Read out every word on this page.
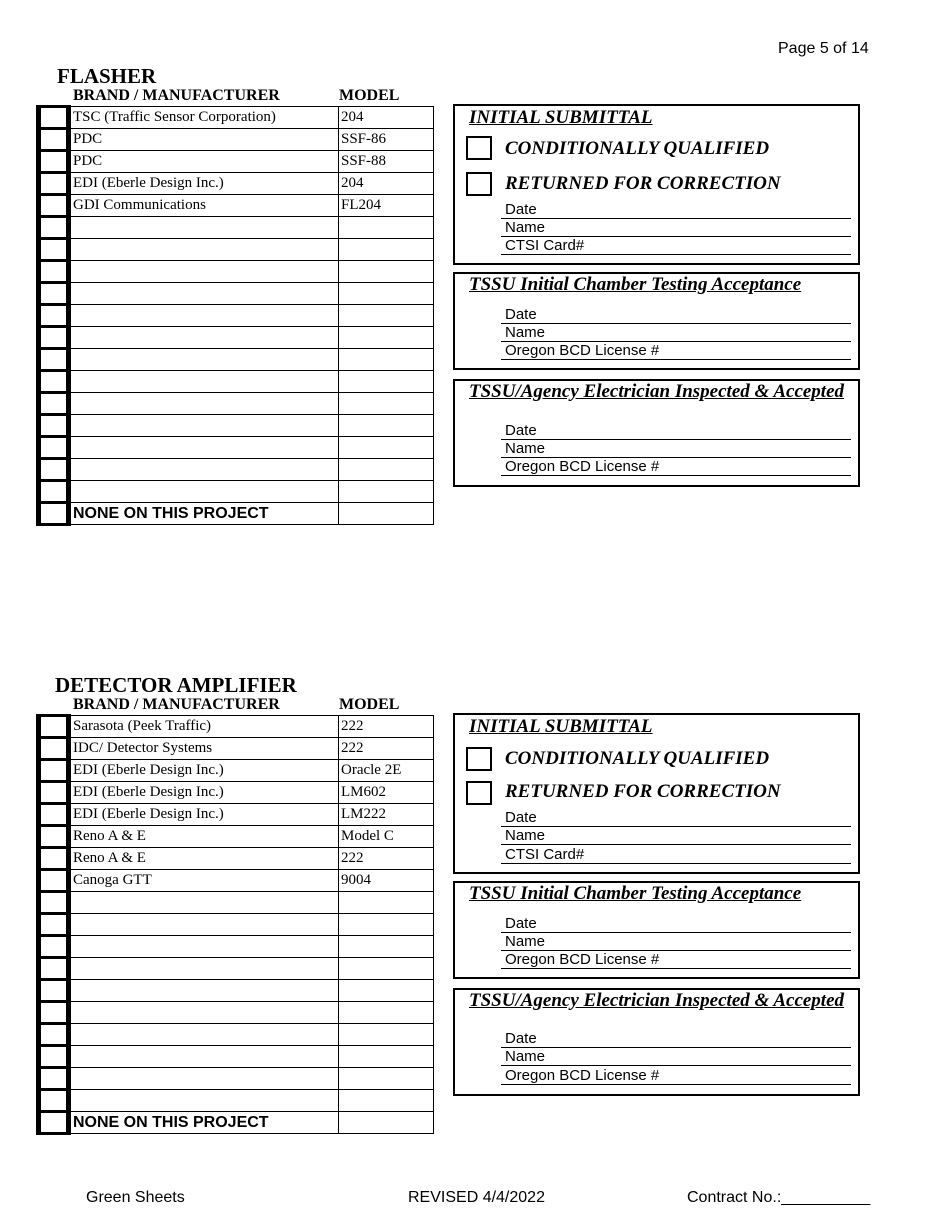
Page 5 of 14
FLASHER
BRAND / MANUFACTURER	MODEL
	TSC (Traffic Sensor Corporation)	204
	PDC	SSF-86
	PDC	SSF-88
	EDI (Eberle Design Inc.)	204
	GDI Communications	FL204

	NONE ON THIS PROJECT	
INITIAL SUBMITTAL
CONDITIONALLY QUALIFIED
RETURNED FOR CORRECTION
Date
Name
CTSI Card#
TSSU Initial Chamber Testing Acceptance
Date
Name
Oregon BCD License #
TSSU/Agency Electrician Inspected & Accepted
Date
Name
Oregon BCD License #
DETECTOR AMPLIFIER
BRAND / MANUFACTURER	MODEL
	Sarasota (Peek Traffic)	222
	IDC/ Detector Systems	222
	EDI (Eberle Design Inc.)	Oracle 2E
	EDI (Eberle Design Inc.)	LM602
	EDI (Eberle Design Inc.)	LM222
	Reno A & E	Model C
	Reno A & E	222
	Canoga GTT	9004

	NONE ON THIS PROJECT	
INITIAL SUBMITTAL
CONDITIONALLY QUALIFIED
RETURNED FOR CORRECTION
Date
Name
CTSI Card#
TSSU Initial Chamber Testing Acceptance
Date
Name
Oregon BCD License #
TSSU/Agency Electrician Inspected & Accepted
Date
Name
Oregon BCD License #
Green Sheets	REVISED 4/4/2022	Contract No.:__________
